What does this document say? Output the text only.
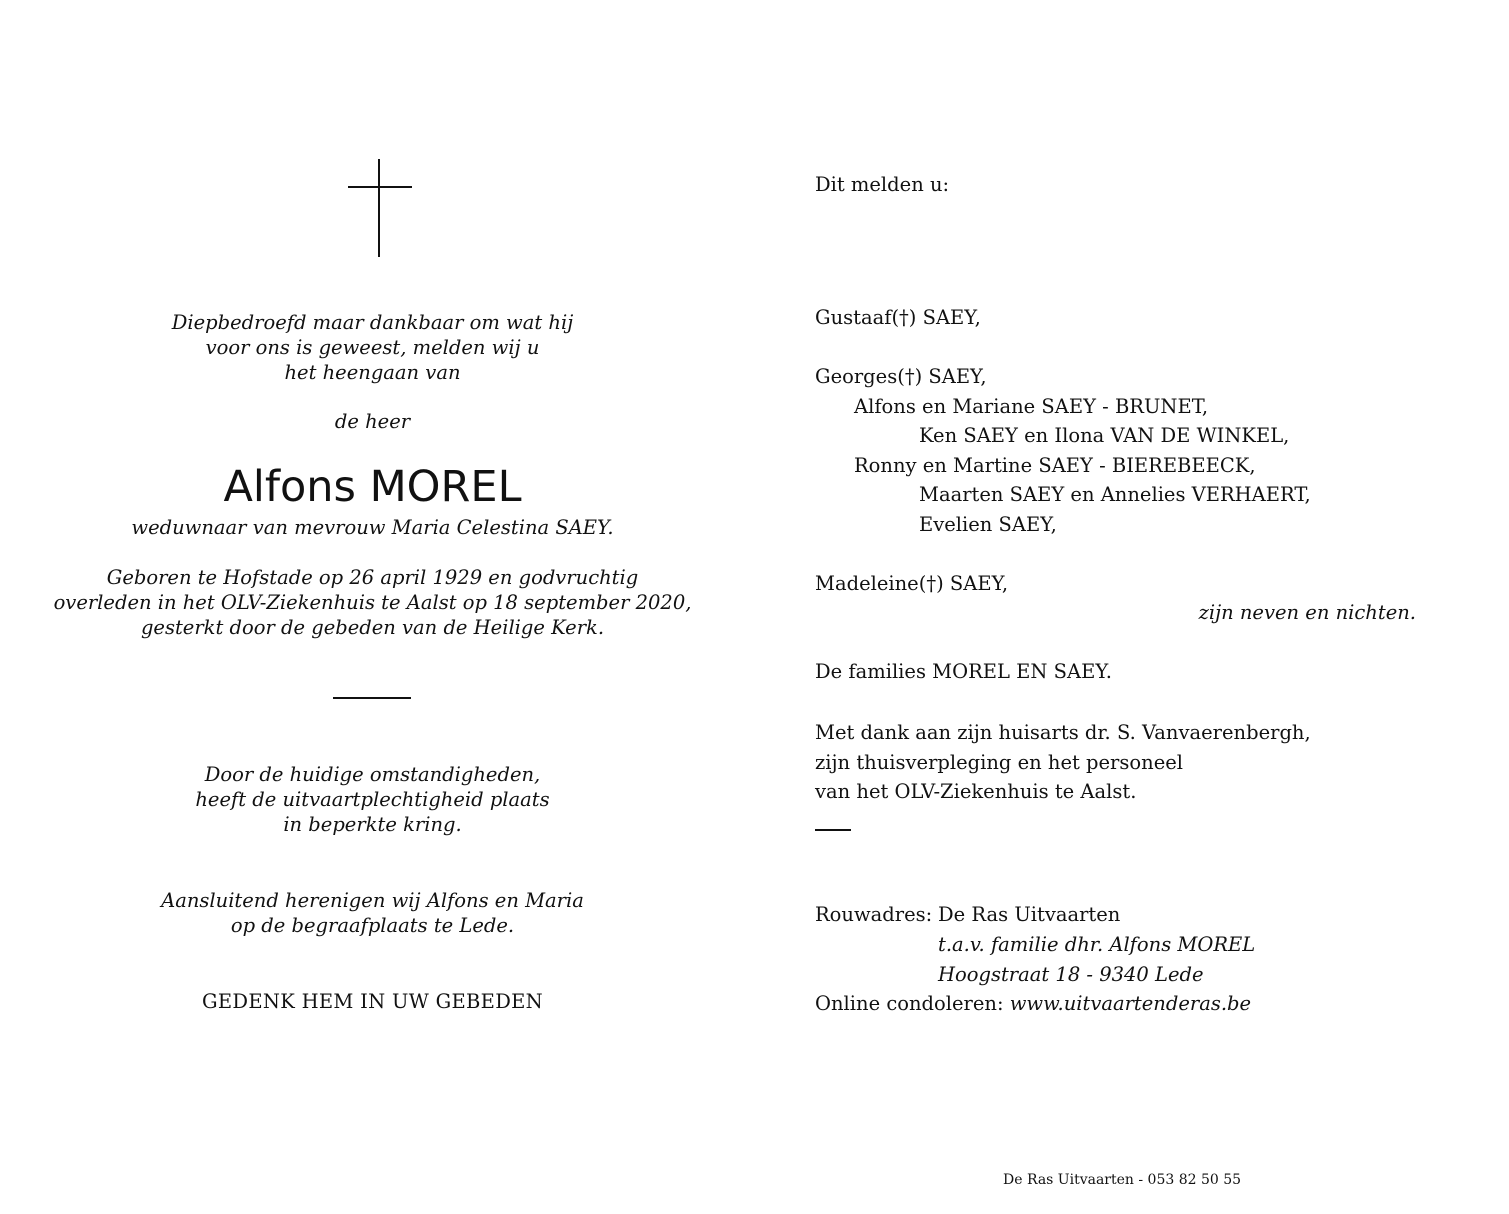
Diepbedroefd maar dankbaar om wat hij
voor ons is geweest, melden wij u
het heengaan van
de heer
Alfons MOREL
weduwnaar van mevrouw Maria Celestina SAEY.
Geboren te Hofstade op 26 april 1929 en godvruchtig
overleden in het OLV-Ziekenhuis te Aalst op 18 september 2020,
gesterkt door de gebeden van de Heilige Kerk.
Door de huidige omstandigheden,
heeft de uitvaartplechtigheid plaats
in beperkte kring.
Aansluitend herenigen wij Alfons en Maria
op de begraafplaats te Lede.
GEDENK HEM IN UW GEBEDEN
Dit melden u:
Gustaaf(†) SAEY,
Georges(†) SAEY,
Alfons en Mariane SAEY - BRUNET,
Ken SAEY en Ilona VAN DE WINKEL,
Ronny en Martine SAEY - BIEREBEECK,
Maarten SAEY en Annelies VERHAERT,
Evelien SAEY,
Madeleine(†) SAEY,
zijn neven en nichten.
De families MOREL EN SAEY.
Met dank aan zijn huisarts dr. S. Vanvaerenbergh,
zijn thuisverpleging en het personeel
van het OLV-Ziekenhuis te Aalst.
Rouwadres: De Ras Uitvaarten
t.a.v. familie dhr. Alfons MOREL
Hoogstraat 18 - 9340 Lede
Online condoleren: www.uitvaartenderas.be
De Ras Uitvaarten - 053 82 50 55
